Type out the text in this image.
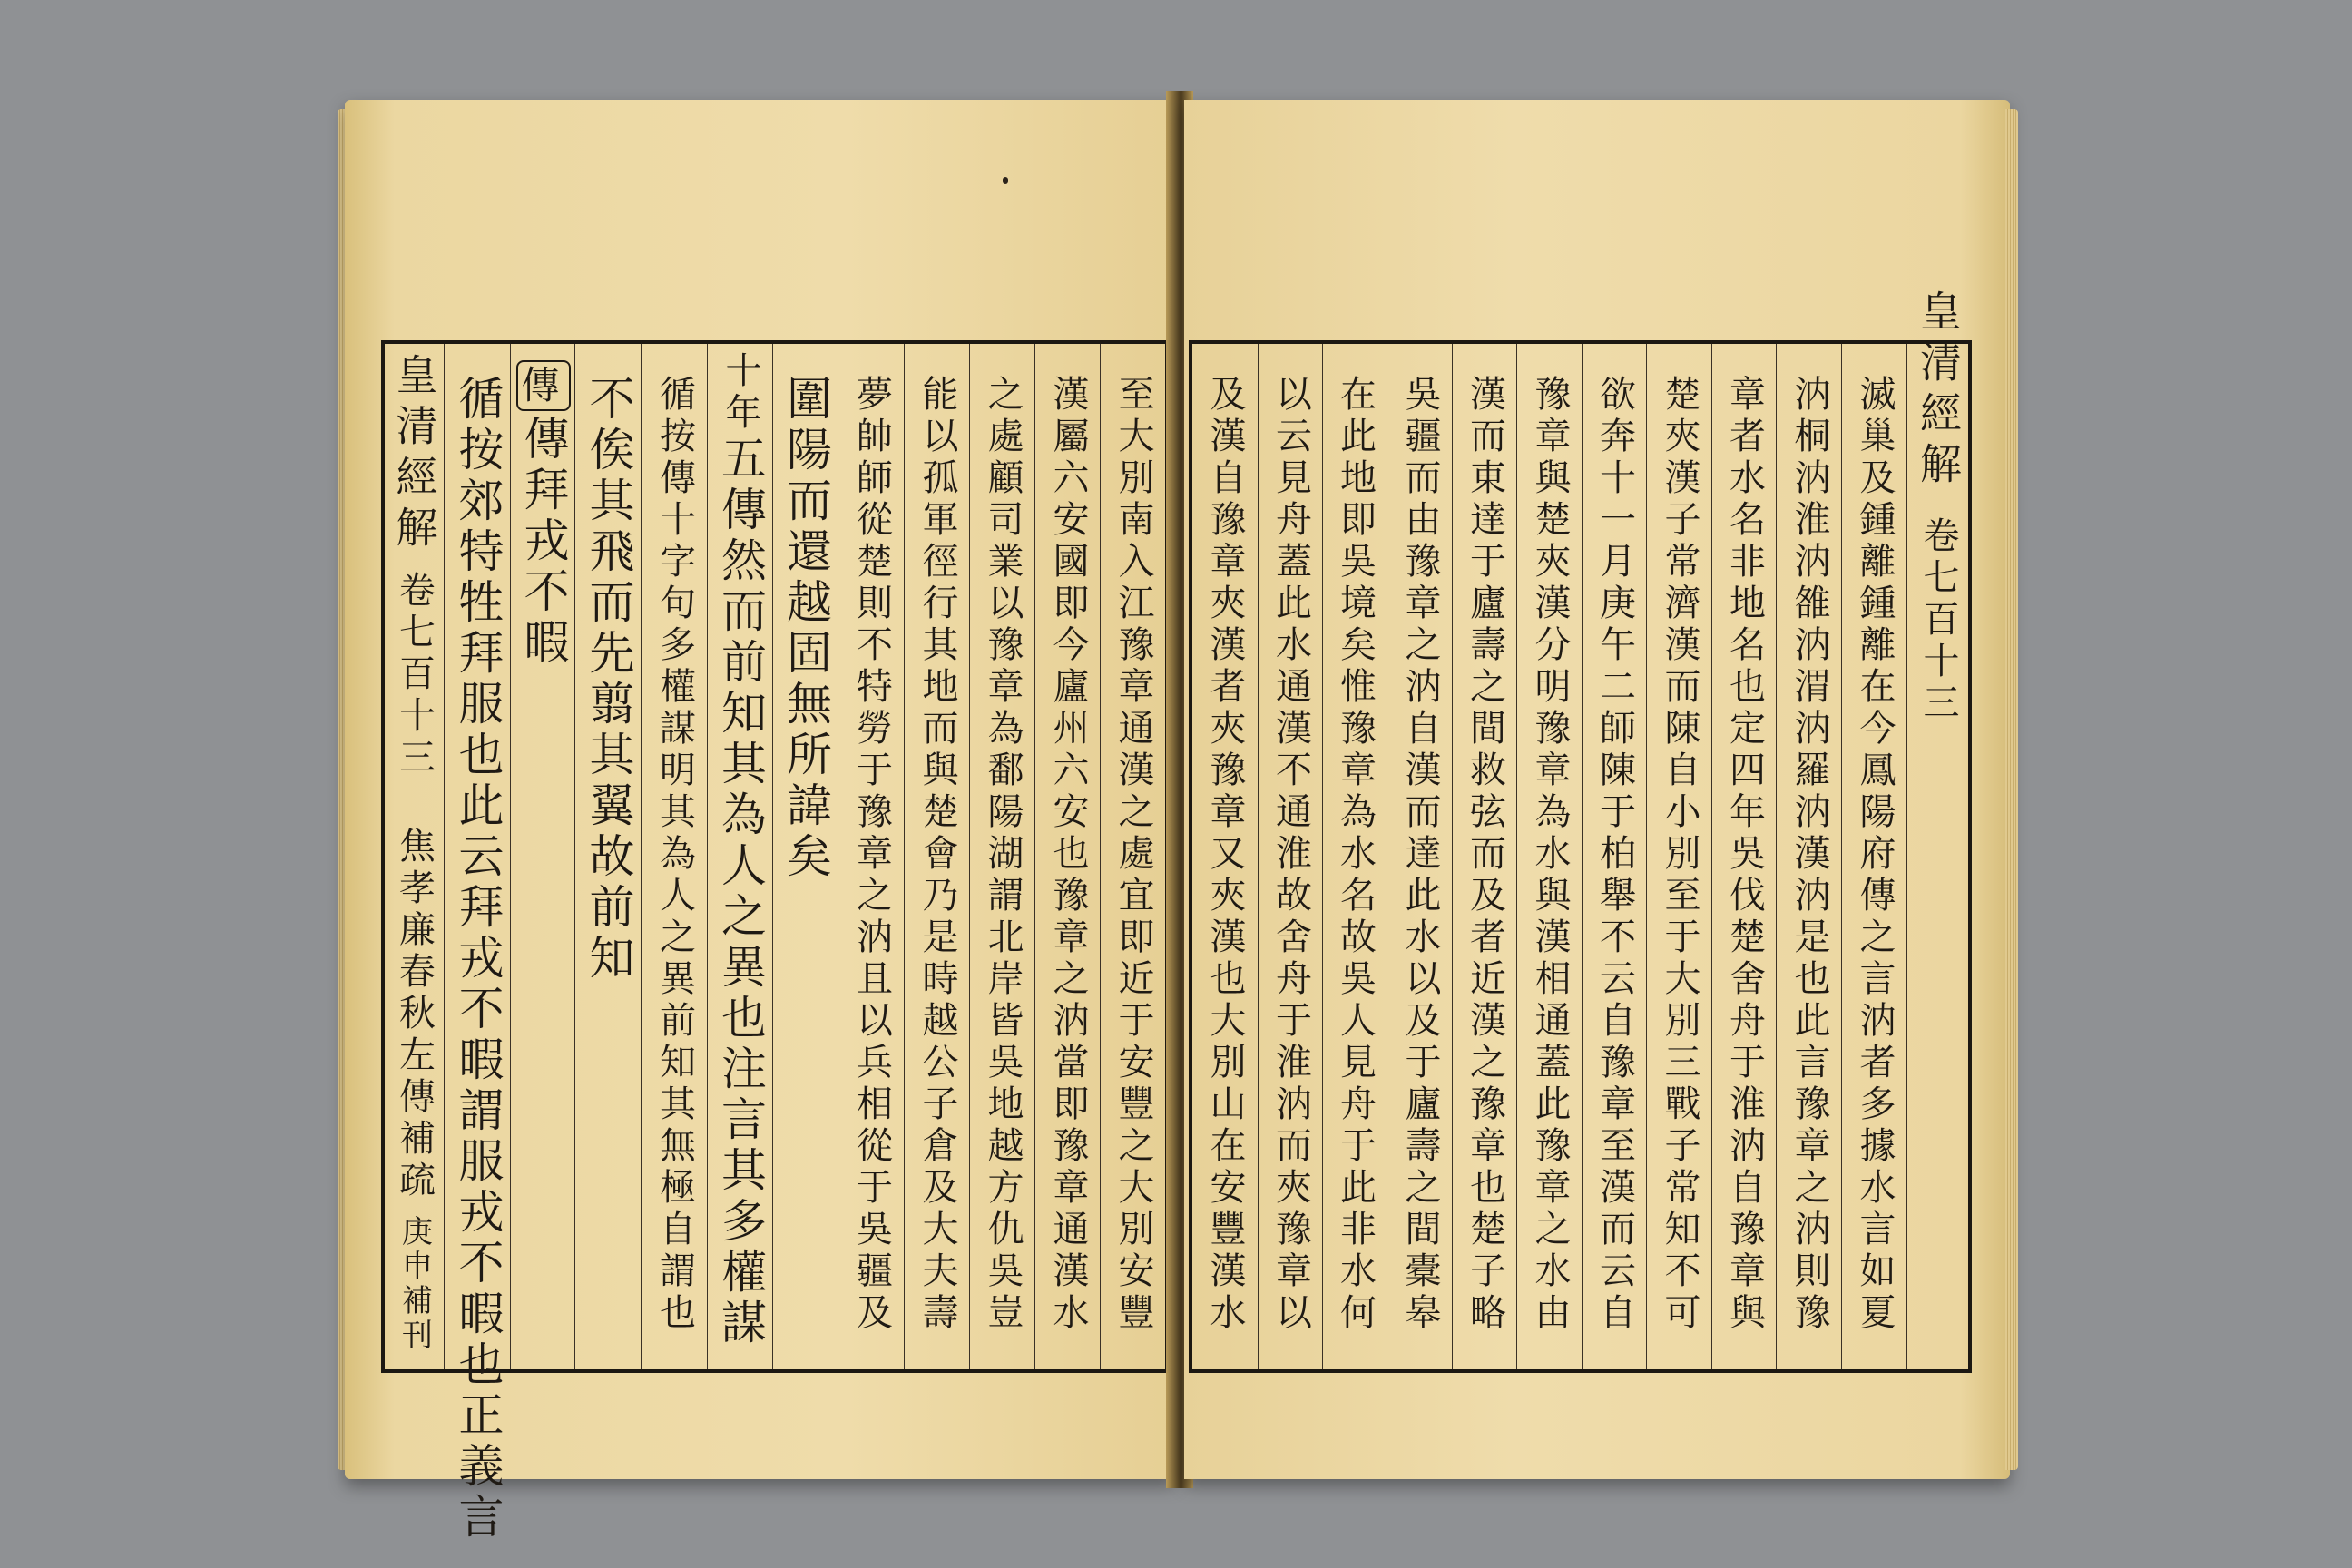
皇清經解
卷七百十三 焦孝廉春秋左傳補疏
庚申補刊 循按郊特牲拜服也此云拜戎不暇謂服戎不暇也正義言 傳傳拜戎不暇 不俟其飛而先翦其翼故前知 循按傳十字句多權謀明其為人之異前知其無極自謂也 十年
五傳然而前知其為人之異也注言其多權謀 圍陽而還越固無所諱矣 夢帥師從楚則不特勞于豫章之汭且以兵相從于吳疆及 能以孤軍徑行其地而與楚會乃是時越公子倉及大夫壽 之處顧司業以豫章為鄱陽湖謂北岸皆吳地越方仇吳豈 漢屬六安國即今廬州六安也豫章之汭當即豫章通漢水 至大別南入江豫章通漢之處宜即近于安豐之大別安豐 及漢自豫章夾漢者夾豫章又夾漢也大別山在安豐漢水 以云見舟蓋此水通漢不通淮故舍舟于淮汭而夾豫章以 在此地即吳境矣惟豫章為水名故吳人見舟于此非水何 吳疆而由豫章之汭自漢而達此水以及于廬壽之間橐皋 漢而東達于廬壽之間救弦而及者近漢之豫章也楚子略 豫章與楚夾漢分明豫章為水與漢相通蓋此豫章之水由 欲奔十一月庚午二師陳于柏舉不云自豫章至漢而云自 楚夾漢子常濟漢而陳自小別至于大別三戰子常知不可 章者水名非地名也定四年吳伐楚舍舟于淮汭自豫章與 汭桐汭淮汭雒汭渭汭羅汭漢汭是也此言豫章之汭則豫 滅巢及鍾離鍾離在今鳳陽府傳之言汭者多據水言如夏 皇清經解
卷七百十三
